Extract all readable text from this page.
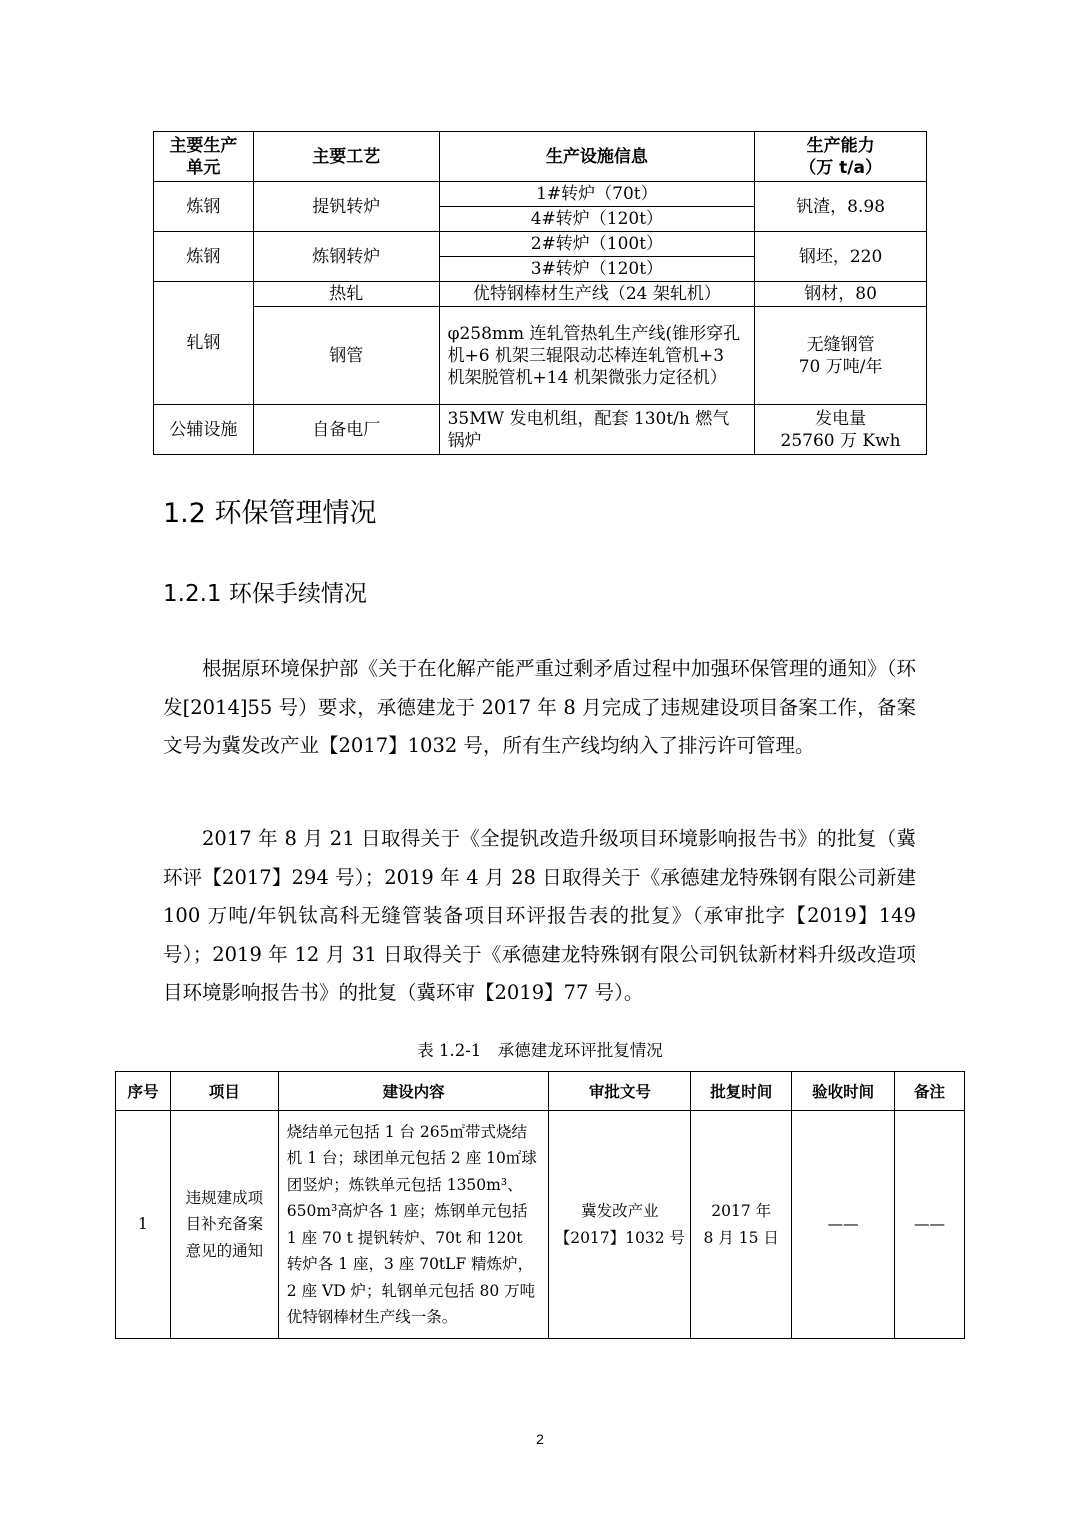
主要生产
单元	主要工艺	生产设施信息	生产能力
（万 t/a）
炼钢	提钒转炉	1#转炉（70t）	钒渣，8.98
		4#转炉（120t）	
炼钢	炼钢转炉	2#转炉（100t）	钢坯，220
		3#转炉（120t）	
轧钢	热轧	优特钢棒材生产线（24 架轧机）	钢材，80
	钢管	φ258mm 连轧管热轧生产线(锥形穿孔机+6 机架三辊限动芯棒连轧管机+3 机架脱管机+14 机架微张力定径机）	无缝钢管
70 万吨/年
公辅设施	自备电厂	35MW 发电机组，配套 130t/h 燃气锅炉	发电量
25760 万 Kwh
1.2 环保管理情况
1.2.1 环保手续情况

根据原环境保护部《关于在化解产能严重过剩矛盾过程中加强环保管理的通知》（环发[2014]55 号）要求，承德建龙于 2017 年 8 月完成了违规建设项目备案工作，备案文号为冀发改产业【2017】1032 号，所有生产线均纳入了排污许可管理。

2017 年 8 月 21 日取得关于《全提钒改造升级项目环境影响报告书》的批复（冀环评【2017】294 号）；2019 年 4 月 28 日取得关于《承德建龙特殊钢有限公司新建 100 万吨/年钒钛高科无缝管装备项目环评报告表的批复》（承审批字【2019】149 号）；2019 年 12 月 31 日取得关于《承德建龙特殊钢有限公司钒钛新材料升级改造项目环境影响报告书》的批复（冀环审【2019】77 号）。

表 1.2-1　承德建龙环评批复情况
序号	项目	建设内容	审批文号	批复时间	验收时间	备注
1	违规建成项目补充备案意见的通知	烧结单元包括 1 台 265㎡带式烧结机 1 台；球团单元包括 2 座 10㎡球团竖炉；炼铁单元包括 1350m³、650m³高炉各 1 座；炼钢单元包括 1 座 70 t 提钒转炉、70t 和 120t 转炉各 1 座，3 座 70tLF 精炼炉，2 座 VD 炉；轧钢单元包括 80 万吨优特钢棒材生产线一条。	冀发改产业
【2017】1032 号	2017 年
8 月 15 日	——	——
2
